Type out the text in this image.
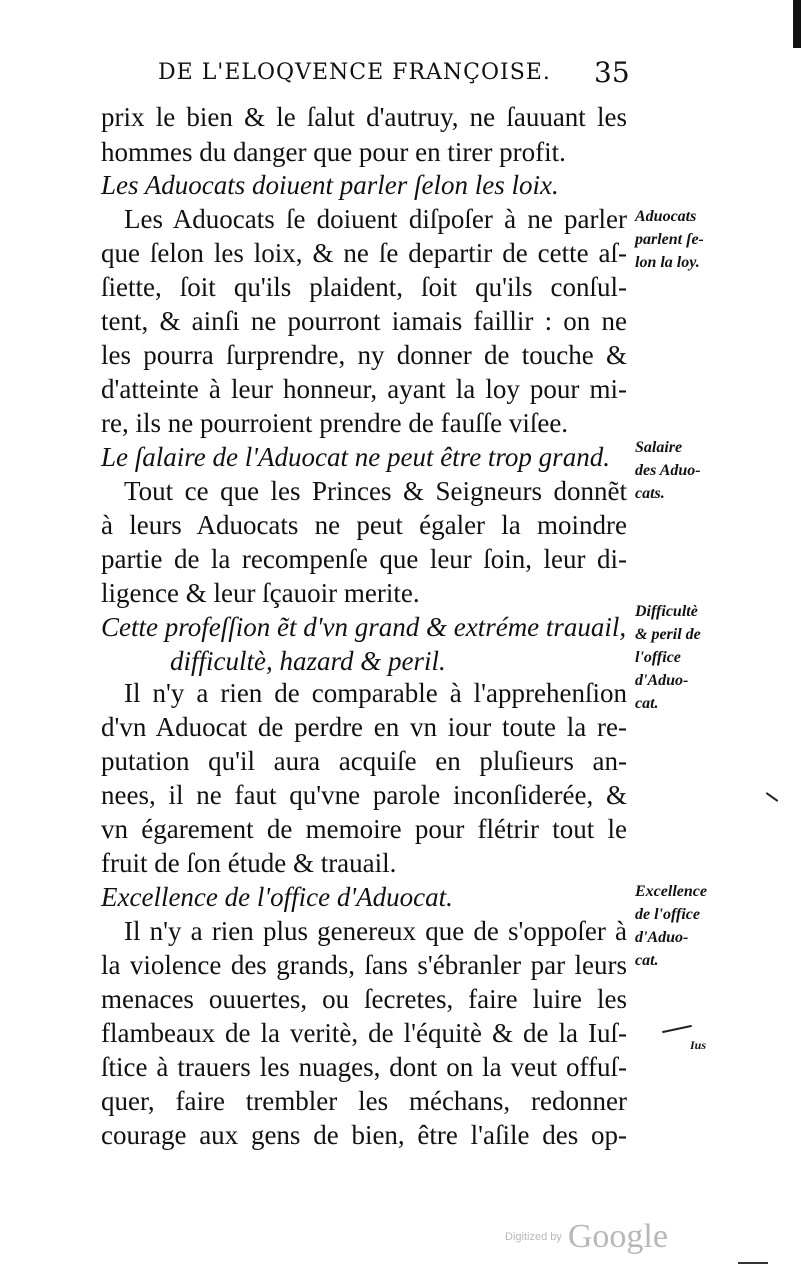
DE L'ELOQVENCE FRANÇOISE. 35
prix le bien & le ſalut d'autruy, ne ſauuant les
hommes du danger que pour en tirer profit.
Les Aduocats doiuent parler ſelon les loix.
Les Aduocats ſe doiuent diſpoſer à ne parler
que ſelon les loix, & ne ſe departir de cette aſ-
ſiette, ſoit qu'ils plaident, ſoit qu'ils conſul-
tent, & ainſi ne pourront iamais faillir : on ne
les pourra ſurprendre, ny donner de touche &
d'atteinte à leur honneur, ayant la loy pour mi-
re, ils ne pourroient prendre de fauſſe viſee.
Le ſalaire de l'Aduocat ne peut être trop grand.
Tout ce que les Princes & Seigneurs donnẽt
à leurs Aduocats ne peut égaler la moindre
partie de la recompenſe que leur ſoin, leur di-
ligence & leur ſçauoir merite.
Cette profeſſion ẽt d'vn grand & extréme trauail,
difficultè, hazard & peril.
Il n'y a rien de comparable à l'apprehenſion
d'vn Aduocat de perdre en vn iour toute la re-
putation qu'il aura acquiſe en pluſieurs an-
nees, il ne faut qu'vne parole inconſiderée, &
vn égarement de memoire pour flétrir tout le
fruit de ſon étude & trauail.
Excellence de l'office d'Aduocat.
Il n'y a rien plus genereux que de s'oppoſer à
la violence des grands, ſans s'ébranler par leurs
menaces ouuertes, ou ſecretes, faire luire les
flambeaux de la veritè, de l'équitè & de la Iuſ-
ſtice à trauers les nuages, dont on la veut offuſ-
quer, faire trembler les méchans, redonner
courage aux gens de bien, être l'aſile des op-
Aduocats
parlent ſe-
lon la loy.
Salaire
des Aduo-
cats.
Difficultè
& peril de
l'office
d'Aduo-
cat.
Excellence
de l'office
d'Aduo-
cat.
Ius
Digitized by Google
